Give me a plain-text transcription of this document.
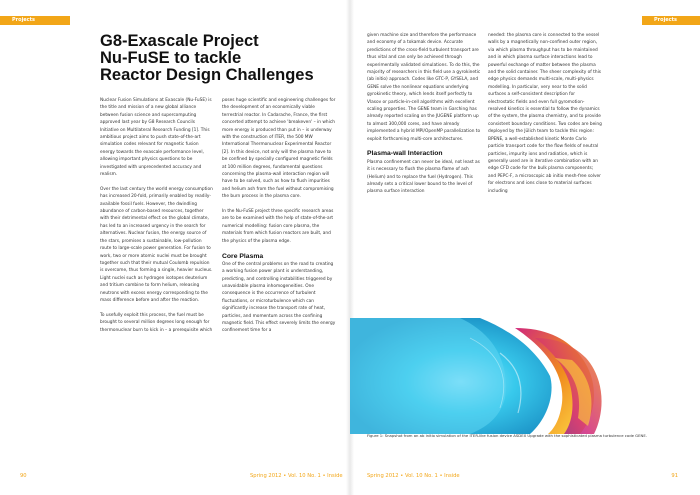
Projects
G8-Exascale Project
Nu-FuSE to tackle
Reactor Design Challenges

Nuclear Fusion Simulations at Exascale (Nu-FuSE) is the title and mission of a new global alliance between fusion science and supercomputing approved last year by G8 Research Councils Initiative on Multilateral Research Funding [1]. This ambitious project aims to push state-of-the-art simulation codes relevant for magnetic fusion energy towards the exascale performance level, allowing important physics questions to be investigated with unprecedented accuracy and realism.

Over the last century the world energy consumption has increased 20-fold, primarily enabled by readily-available fossil fuels. However, the dwindling abundance of carbon-based resources, together with their detrimental effect on the global climate, has led to an increased urgency in the search for alternatives. Nuclear fusion, the energy source of the stars, promises a sustainable, low-pollution route to large-scale power generation. For fusion to work, two or more atomic nuclei must be brought together such that their mutual Coulomb repulsion is overcome, thus forming a single, heavier nucleus. Light nuclei such as hydrogen isotopes deuterium and tritium combine to form helium, releasing neutrons with excess energy corresponding to the mass difference before and after the reaction.

To usefully exploit this process, the fuel must be brought to several million degrees long enough for thermonuclear burn to kick in – a prerequisite which

poses huge scientific and engineering challenges for the development of an economically viable terrestrial reactor. In Cadarache, France, the first concerted attempt to achieve 'breakeven' – in which more energy is produced than put in – is underway with the construction of ITER, the 500 MW International Thermonuclear Experimental Reactor [2]. In this device, not only will the plasma have to be confined by specially configured magnetic fields at 100 million degrees, fundamental questions concerning the plasma-wall interaction region will have to be solved, such as how to flush impurities and helium ash from the fuel without compromising the burn process in the plasma core.

In the Nu-FuSE project three specific research areas are to be examined with the help of state-of-the-art numerical modelling: fusion core plasma, the materials from which fusion reactors are built, and the physics of the plasma edge.

Core Plasma

One of the central problems on the road to creating a working fusion power plant is understanding, predicting, and controlling instabilities triggered by unavoidable plasma inhomogeneities. One consequence is the occurrence of turbulent fluctuations, or microturbulence which can significantly increase the transport rate of heat, particles, and momentum across the confining magnetic field. This effect severely limits the energy confinement time for a

90	Spring 2012 • Vol. 10 No. 1 • Inside
Projects

given machine size and therefore the performance and economy of a tokamak device. Accurate predictions of the cross-field turbulent transport are thus vital and can only be achieved through experimentally validated simulations. To do this, the majority of researchers in this field use a gyrokinetic (ab initio) approach. Codes like GTC-P, GYSELA, and GENE solve the nonlinear equations underlying gyrokinetic theory, which lends itself perfectly to Vlasov or particle-in-cell algorithms with excellent scaling properties. The GENE team in Garching has already reported scaling on the JUGENE platform up to almost 300,000 cores, and have already implemented a hybrid MPI/OpenMP parallelization to exploit forthcoming multi-core architectures.

Plasma-wall Interaction

Plasma confinement can never be ideal, not least as it is necessary to flush the plasma flame of ash (Helium) and to replace the fuel (Hydrogen). This already sets a critical lower bound to the level of plasma surface interaction

needed: the plasma core is connected to the vessel walls by a magnetically non-confined outer region, via which plasma throughput has to be maintained and in which plasma surface interactions lead to powerful exchange of matter between the plasma and the solid container. The sheer complexity of this edge physics demands multi-scale, multi-physics modelling. In particular, very near to the solid surfaces a self-consistent description for electrostatic fields and even full gyromotion-resolved kinetics is essential to follow the dynamics of the system, the plasma chemistry, and to provide consistent boundary conditions. Two codes are being deployed by the Jülich team to tackle this region: BPENE, a well-established kinetic Monte Carlo particle transport code for the flow fields of neutral particles, impurity ions and radiation, which is generally used are in iterative combination with an edge CFD code for the bulk plasma components; and PEPC-F, a microscopic ab initio mesh-free solver for electrons and ions close to material surfaces including

Figure 1: Snapshot from an ab initio simulation of the ITER-like fusion device ASDEX Upgrade with the sophisticated plasma turbulence code GENE.
Spring 2012 • Vol. 10 No. 1 • Inside	91
